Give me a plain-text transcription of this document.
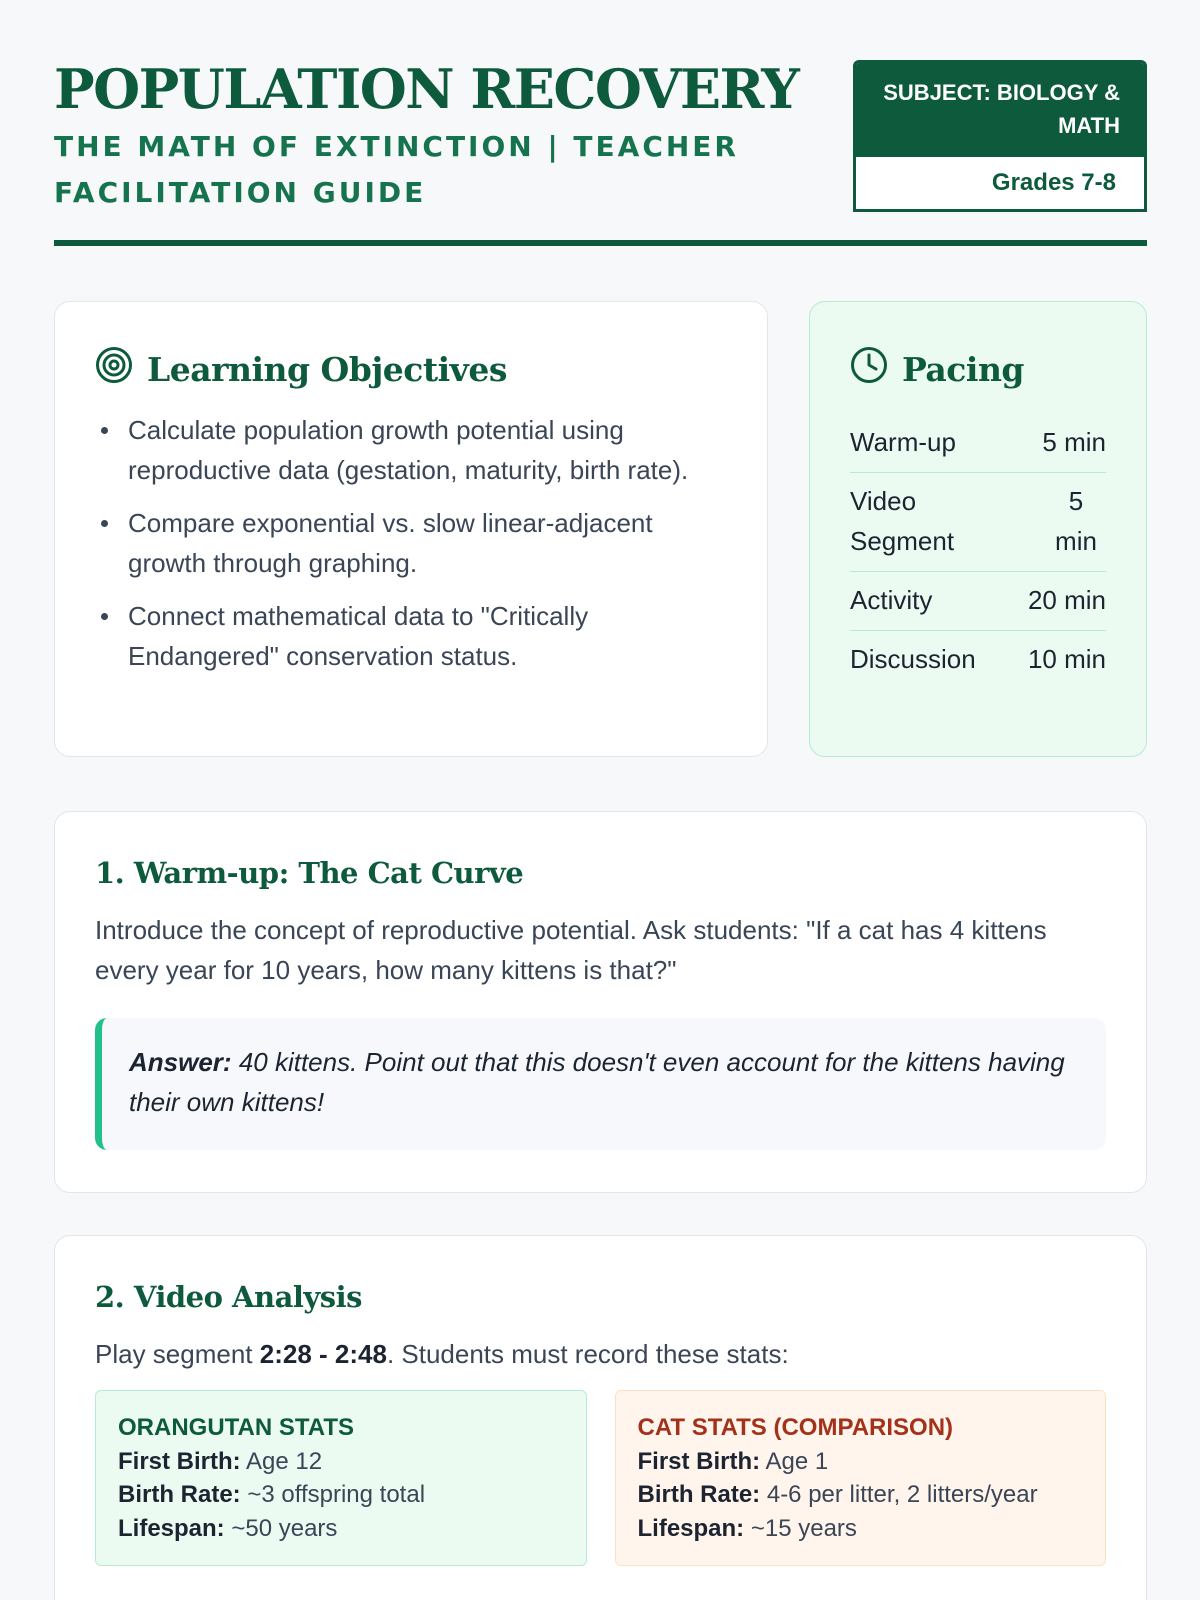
POPULATION RECOVERY
THE MATH OF EXTINCTION | TEACHER FACILITATION GUIDE
SUBJECT: BIOLOGY & MATH
Grades 7-8
Learning Objectives
Calculate population growth potential using reproductive data (gestation, maturity, birth rate).
Compare exponential vs. slow linear-adjacent growth through graphing.
Connect mathematical data to "Critically Endangered" conservation status.
Pacing
Warm-up	5 min
Video Segment
5 min
Activity	20 min
Discussion 10 min
1. Warm-up: The Cat Curve

Introduce the concept of reproductive potential. Ask students: "If a cat has 4 kittens every year for 10 years, how many kittens is that?"

Answer: 40 kittens. Point out that this doesn't even account for the kittens having their own kittens!
2. Video Analysis

Play segment 2:28 - 2:48. Students must record these stats:

ORANGUTAN STATS
First Birth: Age 12
Birth Rate: ~3 offspring total
Lifespan: ~50 years
CAT STATS (COMPARISON)
First Birth: Age 1
Birth Rate: 4-6 per litter, 2 litters/year
Lifespan: ~15 years
